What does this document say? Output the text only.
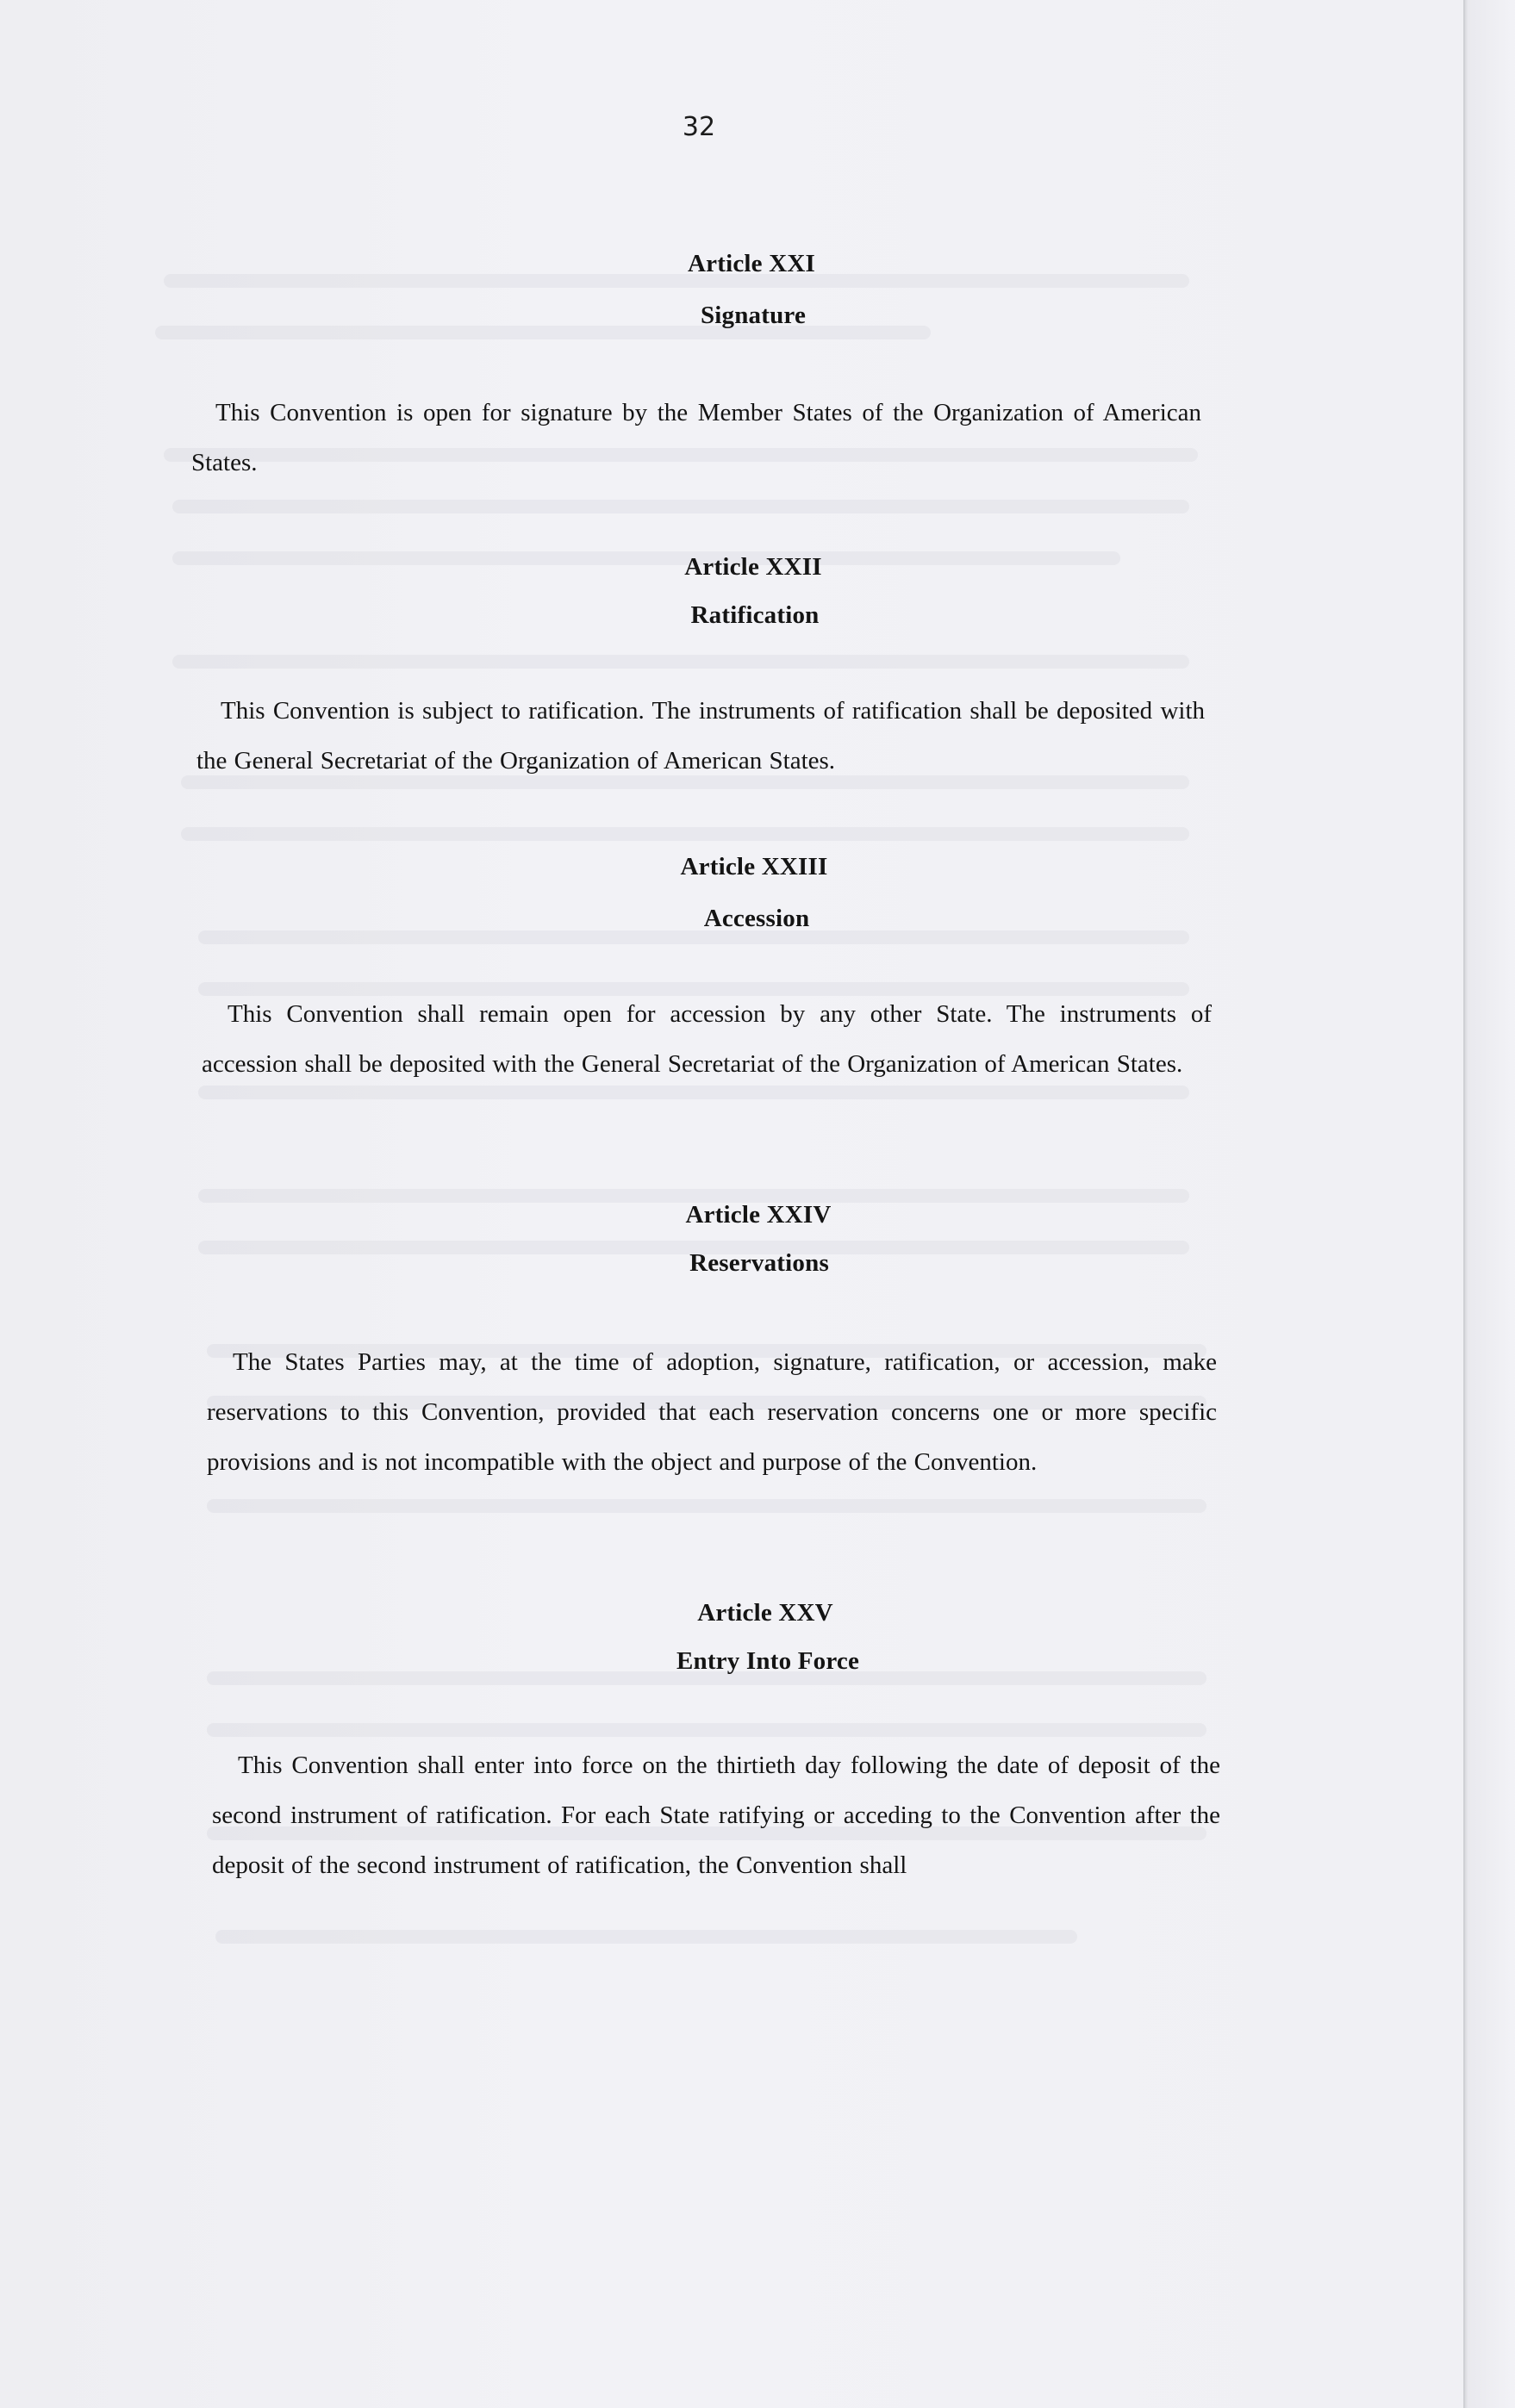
32
Article XXI
Signature

This Convention is open for signature by the Member States of the Organization of American States.

Article XXII
Ratification

This Convention is subject to ratification. The instruments of ratification shall be deposited with the General Secretariat of the Organization of American States.

Article XXIII
Accession

This Convention shall remain open for accession by any other State. The instruments of accession shall be deposited with the General Secretariat of the Organization of American States.

Article XXIV
Reservations

The States Parties may, at the time of adoption, signature, ratification, or accession, make reservations to this Convention, provided that each reservation concerns one or more specific provisions and is not incompatible with the object and purpose of the Convention.

Article XXV
Entry Into Force

This Convention shall enter into force on the thirtieth day following the date of deposit of the second instrument of ratification. For each State ratifying or acceding to the Convention after the deposit of the second instrument of ratification, the Convention shall
